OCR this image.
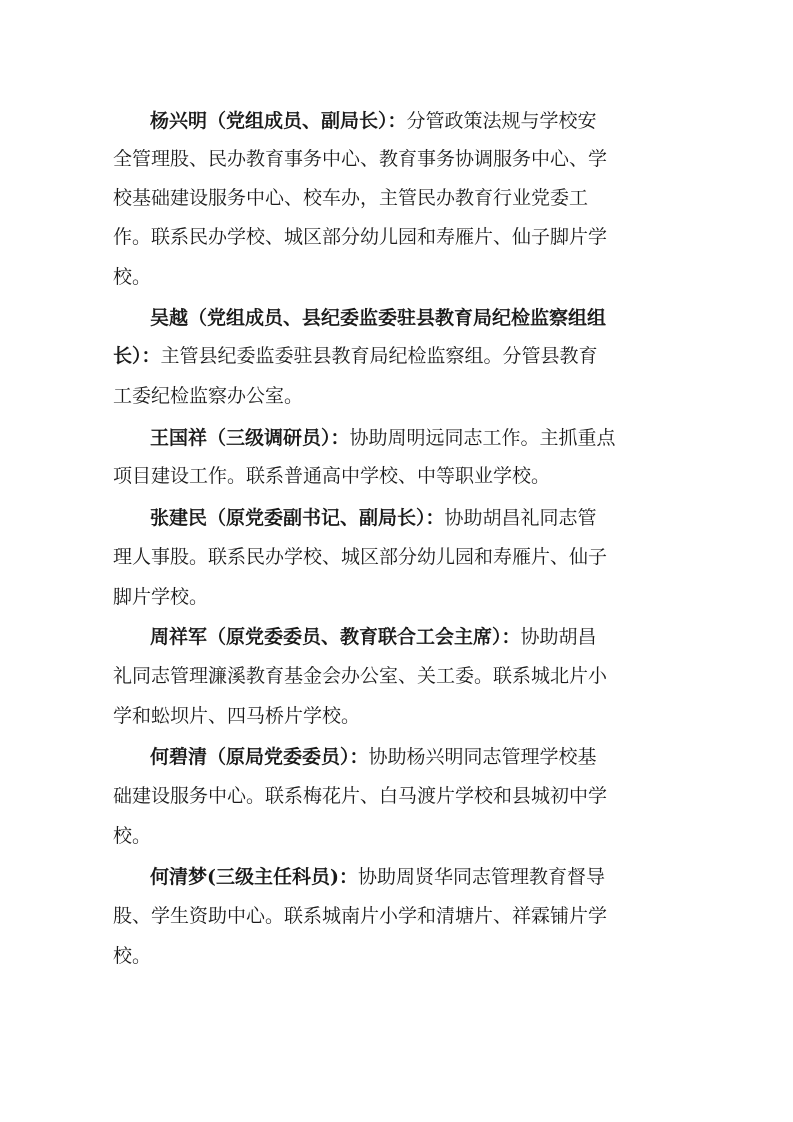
杨兴明（党组成员、副局长）：分管政策法规与学校安
全管理股、民办教育事务中心、教育事务协调服务中心、学
校基础建设服务中心、校车办，主管民办教育行业党委工
作。联系民办学校、城区部分幼儿园和寿雁片、仙子脚片学
校。
吴越（党组成员、县纪委监委驻县教育局纪检监察组组
长）：主管县纪委监委驻县教育局纪检监察组。分管县教育
工委纪检监察办公室。
王国祥（三级调研员）：协助周明远同志工作。主抓重点
项目建设工作。联系普通高中学校、中等职业学校。
张建民（原党委副书记、副局长）：协助胡昌礼同志管
理人事股。联系民办学校、城区部分幼儿园和寿雁片、仙子
脚片学校。
周祥军（原党委委员、教育联合工会主席）：协助胡昌
礼同志管理濂溪教育基金会办公室、关工委。联系城北片小
学和蚣坝片、四马桥片学校。
何碧清（原局党委委员）：协助杨兴明同志管理学校基
础建设服务中心。联系梅花片、白马渡片学校和县城初中学
校。
何清梦(三级主任科员)：协助周贤华同志管理教育督导
股、学生资助中心。联系城南片小学和清塘片、祥霖铺片学
校。
